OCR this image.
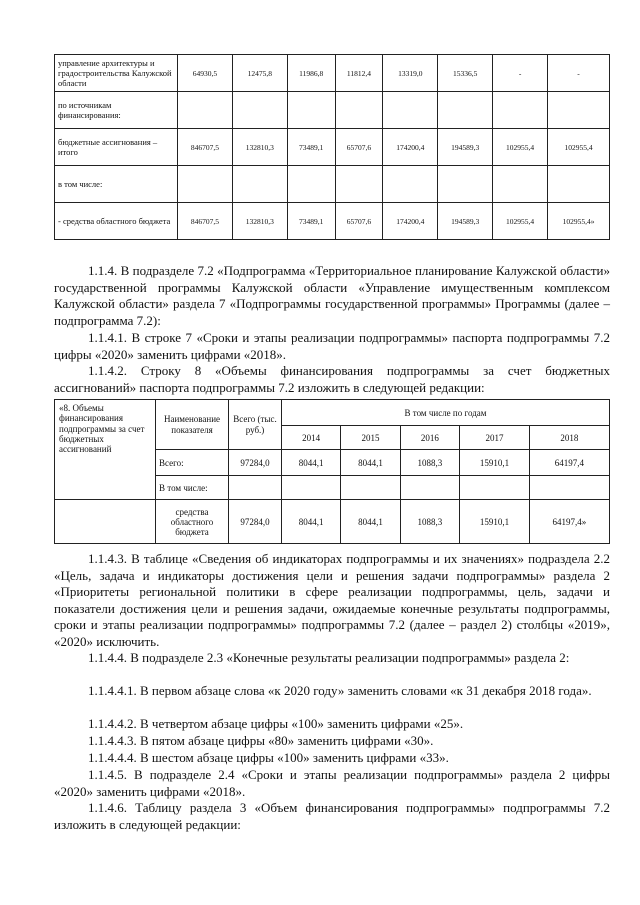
управление архитектуры и градостроительства Калужской области	64930,5	12475,8	11986,8	11812,4	13319,0	15336,5	-	-
по источникам финансирования:								
бюджетные ассигнования – итого	846707,5	132810,3	73489,1	65707,6	174200,4	194589,3	102955,4	102955,4
в том числе:								
- средства областного бюджета	846707,5	132810,3	73489,1	65707,6	174200,4	194589,3	102955,4	102955,4»

1.1.4. В подразделе 7.2 «Подпрограмма «Территориальное планирование Калужской области» государственной программы Калужской области «Управление имущественным комплексом Калужской области» раздела 7 «Подпрограммы государственной программы» Программы (далее – подпрограмма 7.2):

1.1.4.1. В строке 7 «Сроки и этапы реализации подпрограммы» паспорта подпрограммы 7.2 цифры «2020» заменить цифрами «2018».

1.1.4.2. Строку 8 «Объемы финансирования подпрограммы за счет бюджетных ассигнований» паспорта подпрограммы 7.2 изложить в следующей редакции:

«8. Объемы финансирования подпрограммы за счет бюджетных ассигнований	Наименование показателя	Всего (тыс. руб.)	В том числе по годам				
			2014	2015	2016	2017	2018
	Всего:	97284,0	8044,1	8044,1	1088,3	15910,1	64197,4
	В том числе:						
	средства областного бюджета	97284,0	8044,1	8044,1	1088,3	15910,1	64197,4»

1.1.4.3. В таблице «Сведения об индикаторах подпрограммы и их значениях» подраздела 2.2 «Цель, задача и индикаторы достижения цели и решения задачи подпрограммы» раздела 2 «Приоритеты региональной политики в сфере реализации подпрограммы, цель, задачи и показатели достижения цели и решения задачи, ожидаемые конечные результаты подпрограммы, сроки и этапы реализации подпрограммы» подпрограммы 7.2 (далее – раздел 2) столбцы «2019», «2020» исключить.

1.1.4.4. В подразделе 2.3 «Конечные результаты реализации подпрограммы» раздела 2:

1.1.4.4.1. В первом абзаце слова «к 2020 году» заменить словами «к 31 декабря 2018 года».

1.1.4.4.2. В четвертом абзаце цифры «100» заменить цифрами «25».

1.1.4.4.3. В пятом абзаце цифры «80» заменить цифрами «30».

1.1.4.4.4. В шестом абзаце цифры «100» заменить цифрами «33».

1.1.4.5. В подразделе 2.4 «Сроки и этапы реализации подпрограммы» раздела 2 цифры «2020» заменить цифрами «2018».

1.1.4.6. Таблицу раздела 3 «Объем финансирования подпрограммы» подпрограммы 7.2 изложить в следующей редакции:
